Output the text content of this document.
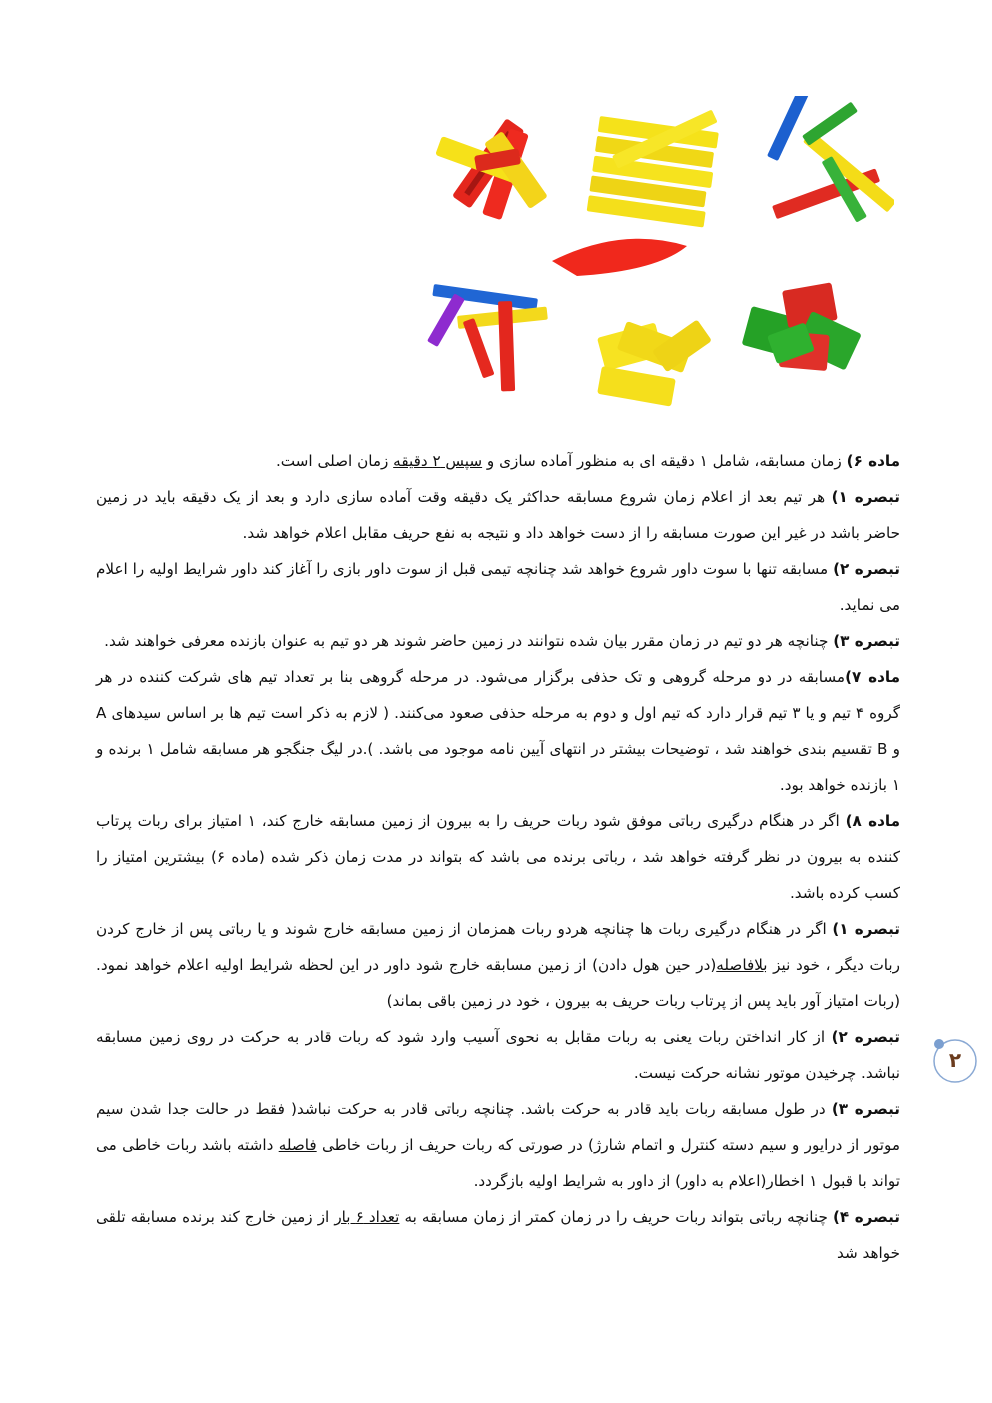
ماده ۶) زمان مسابقه، شامل ۱ دقیقه ای به منظور آماده سازی و سپس ۲ دقیقه زمان اصلی است.

تبصره ۱) هر تیم بعد از اعلام زمان شروع مسابقه حداکثر یک دقیقه وقت آماده سازی دارد و بعد از یک دقیقه باید در زمین حاضر باشد در غیر این صورت مسابقه را از دست خواهد داد و نتیجه به نفع حریف مقابل اعلام خواهد شد.

تبصره ۲) مسابقه تنها با سوت داور شروع خواهد شد چنانچه تیمی قبل از سوت داور بازی را آغاز کند داور شرایط اولیه را اعلام می نماید.

تبصره ۳) چنانچه هر دو تیم در زمان مقرر بیان شده نتوانند در زمین حاضر شوند هر دو تیم به عنوان بازنده معرفی خواهند شد.

ماده ۷)مسابقه در دو مرحله گروهی و تک حذفی برگزار می‌شود. در مرحله گروهی بنا بر تعداد تیم های شرکت کننده در هر گروه ۴ تیم و یا ۳ تیم قرار دارد که تیم اول و دوم به مرحله حذفی صعود می‌کنند. ( لازم به ذکر است تیم ها بر اساس سیدهای A و B تقسیم بندی خواهند شد ، توضیحات بیشتر در انتهای آیین نامه موجود می باشد. ).در لیگ جنگجو هر مسابقه شامل ۱ برنده و ۱ بازنده خواهد بود.

ماده ۸) اگر در هنگام درگیری رباتی موفق شود ربات حریف را به بیرون از زمین مسابقه خارج کند، ۱ امتیاز برای ربات پرتاب کننده به بیرون در نظر گرفته خواهد شد ، رباتی برنده می باشد که بتواند در مدت زمان ذکر شده (ماده ۶) بیشترین امتیاز را کسب کرده باشد.

تبصره ۱) اگر در هنگام درگیری ربات ها چنانچه هردو ربات همزمان از زمین مسابقه خارج شوند و یا رباتی پس از خارج کردن ربات دیگر ، خود نیز بلافاصله(در حین هول دادن) از زمین مسابقه خارج شود داور در این لحظه شرایط اولیه اعلام خواهد نمود.(ربات امتیاز آور باید پس از پرتاب ربات حریف به بیرون ، خود در زمین باقی بماند)

تبصره ۲) از کار انداختن ربات یعنی به ربات مقابل به نحوی آسیب وارد شود که ربات قادر به حرکت در روی زمین مسابقه نباشد. چرخیدن موتور نشانه حرکت نیست.

تبصره ۳) در طول مسابقه ربات باید قادر به حرکت باشد. چنانچه رباتی قادر به حرکت نباشد( فقط در حالت جدا شدن سیم موتور از درایور و سیم دسته کنترل و اتمام شارژ) در صورتی که ربات حریف از ربات خاطی فاصله داشته باشد ربات خاطی می تواند با قبول ۱ اخطار(اعلام به داور) از داور به شرایط اولیه بازگردد.

تبصره ۴) چنانچه رباتی بتواند ربات حریف را در زمان کمتر از زمان مسابقه به تعداد ۶ بار از زمین خارج کند برنده مسابقه تلقی خواهد شد

۲
